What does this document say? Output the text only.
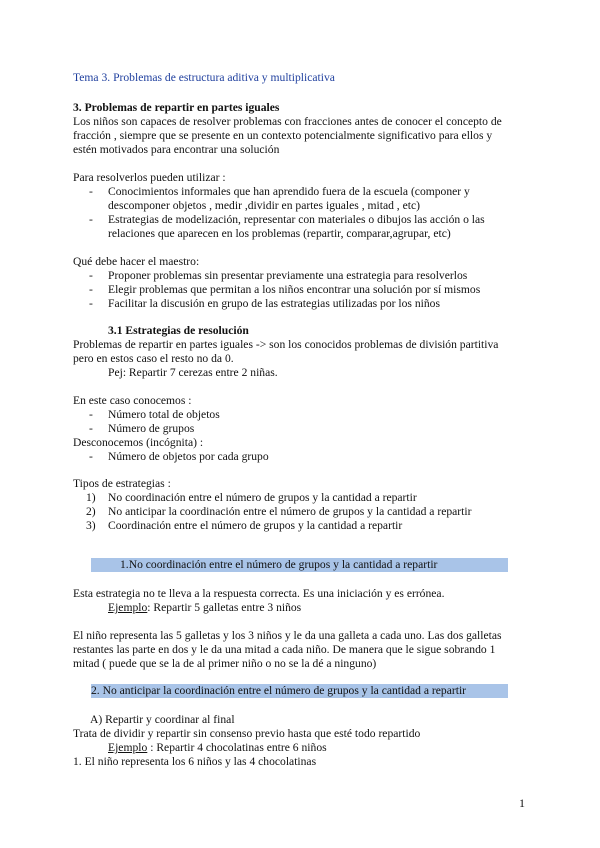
Tema 3. Problemas de estructura aditiva y multiplicativa
3. Problemas de repartir en partes iguales
Los niños son capaces de resolver problemas con fracciones antes de conocer el concepto de
fracción , siempre que se presente en un contexto potencialmente significativo para ellos y
estén motivados para encontrar una solución
Para resolverlos pueden utilizar :
- Conocimientos informales que han aprendido fuera de la escuela (componer y
descomponer objetos , medir ,dividir en partes iguales , mitad , etc)
- Estrategias de modelización, representar con materiales o dibujos las acción o las
relaciones que aparecen en los problemas (repartir, comparar,agrupar, etc)
Qué debe hacer el maestro:
- Proponer problemas sin presentar previamente una estrategia para resolverlos
- Elegir problemas que permitan a los niños encontrar una solución por sí mismos
- Facilitar la discusión en grupo de las estrategias utilizadas por los niños
3.1 Estrategias de resolución
Problemas de repartir en partes iguales -> son los conocidos problemas de división partitiva
pero en estos caso el resto no da 0.
Pej: Repartir 7 cerezas entre 2 niñas.
En este caso conocemos :
- Número total de objetos
- Número de grupos
Desconocemos (incógnita) :
- Número de objetos por cada grupo
Tipos de estrategias :
1) No coordinación entre el número de grupos y la cantidad a repartir
2) No anticipar la coordinación entre el número de grupos y la cantidad a repartir
3) Coordinación entre el número de grupos y la cantidad a repartir
1.No coordinación entre el número de grupos y la cantidad a repartir
Esta estrategia no te lleva a la respuesta correcta. Es una iniciación y es errónea.
Ejemplo: Repartir 5 galletas entre 3 niños
El niño representa las 5 galletas y los 3 niños y le da una galleta a cada uno. Las dos galletas
restantes las parte en dos y le da una mitad a cada niño. De manera que le sigue sobrando 1
mitad ( puede que se la de al primer niño o no se la dé a ninguno)
2. No anticipar la coordinación entre el número de grupos y la cantidad a repartir
A) Repartir y coordinar al final
Trata de dividir y repartir sin consenso previo hasta que esté todo repartido
Ejemplo : Repartir 4 chocolatinas entre 6 niños
1. El niño representa los 6 niños y las 4 chocolatinas
1
